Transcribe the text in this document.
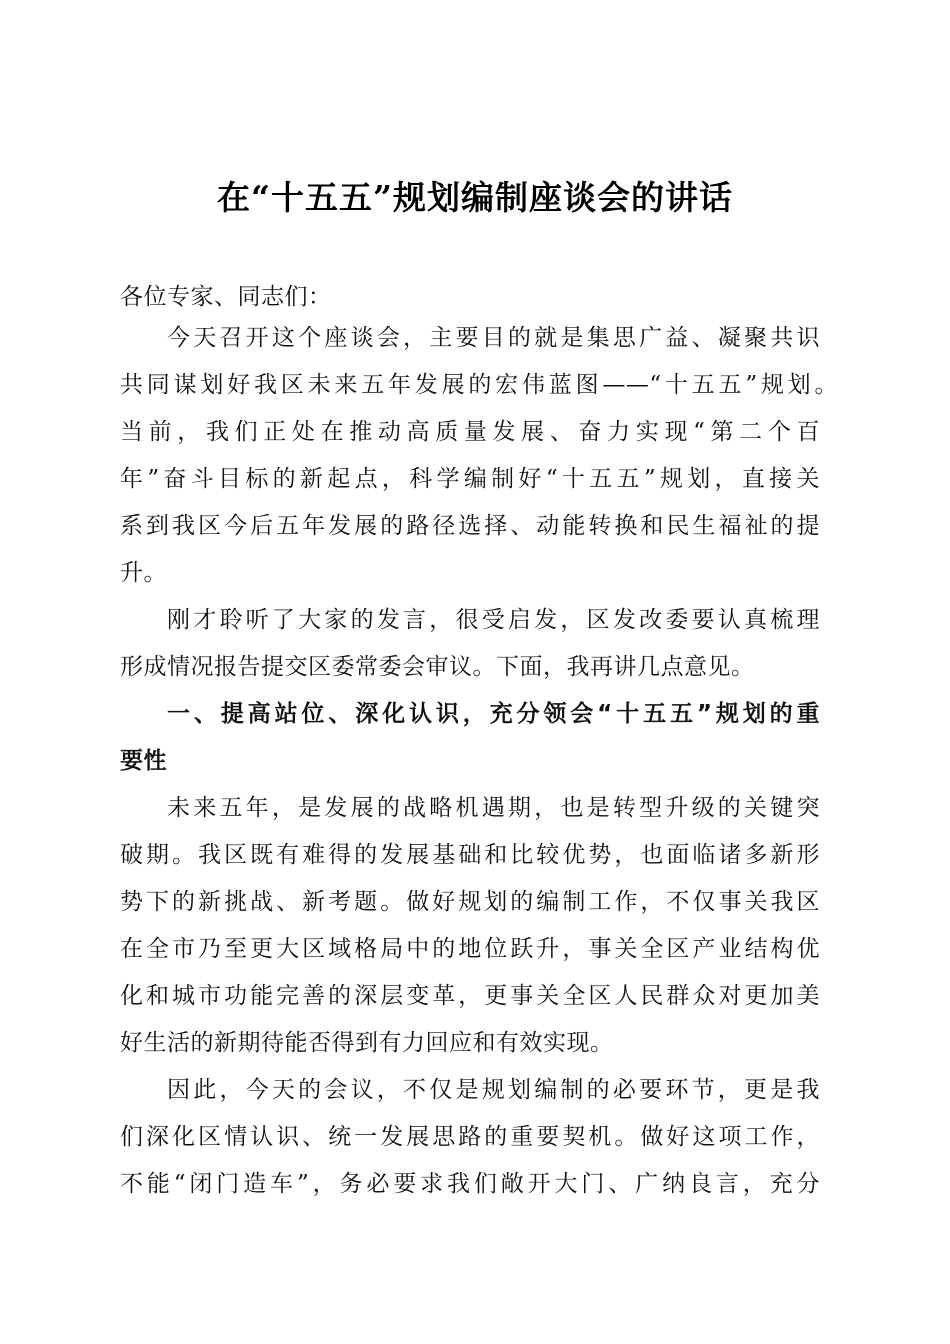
在“十五五”规划编制座谈会的讲话
各位专家、同志们：
今天召开这个座谈会，主要目的就是集思广益、凝聚共识
共同谋划好我区未来五年发展的宏伟蓝图——“十五五”规划。
当前，我们正处在推动高质量发展、奋力实现“第二个百
年”奋斗目标的新起点，科学编制好“十五五”规划，直接关
系到我区今后五年发展的路径选择、动能转换和民生福祉的提
升。
刚才聆听了大家的发言，很受启发，区发改委要认真梳理
形成情况报告提交区委常委会审议。下面，我再讲几点意见。
一、提高站位、深化认识，充分领会“十五五”规划的重
要性
未来五年，是发展的战略机遇期，也是转型升级的关键突
破期。我区既有难得的发展基础和比较优势，也面临诸多新形
势下的新挑战、新考题。做好规划的编制工作，不仅事关我区
在全市乃至更大区域格局中的地位跃升，事关全区产业结构优
化和城市功能完善的深层变革，更事关全区人民群众对更加美
好生活的新期待能否得到有力回应和有效实现。
因此，今天的会议，不仅是规划编制的必要环节，更是我
们深化区情认识、统一发展思路的重要契机。做好这项工作，
不能“闭门造车”，务必要求我们敞开大门、广纳良言，充分
